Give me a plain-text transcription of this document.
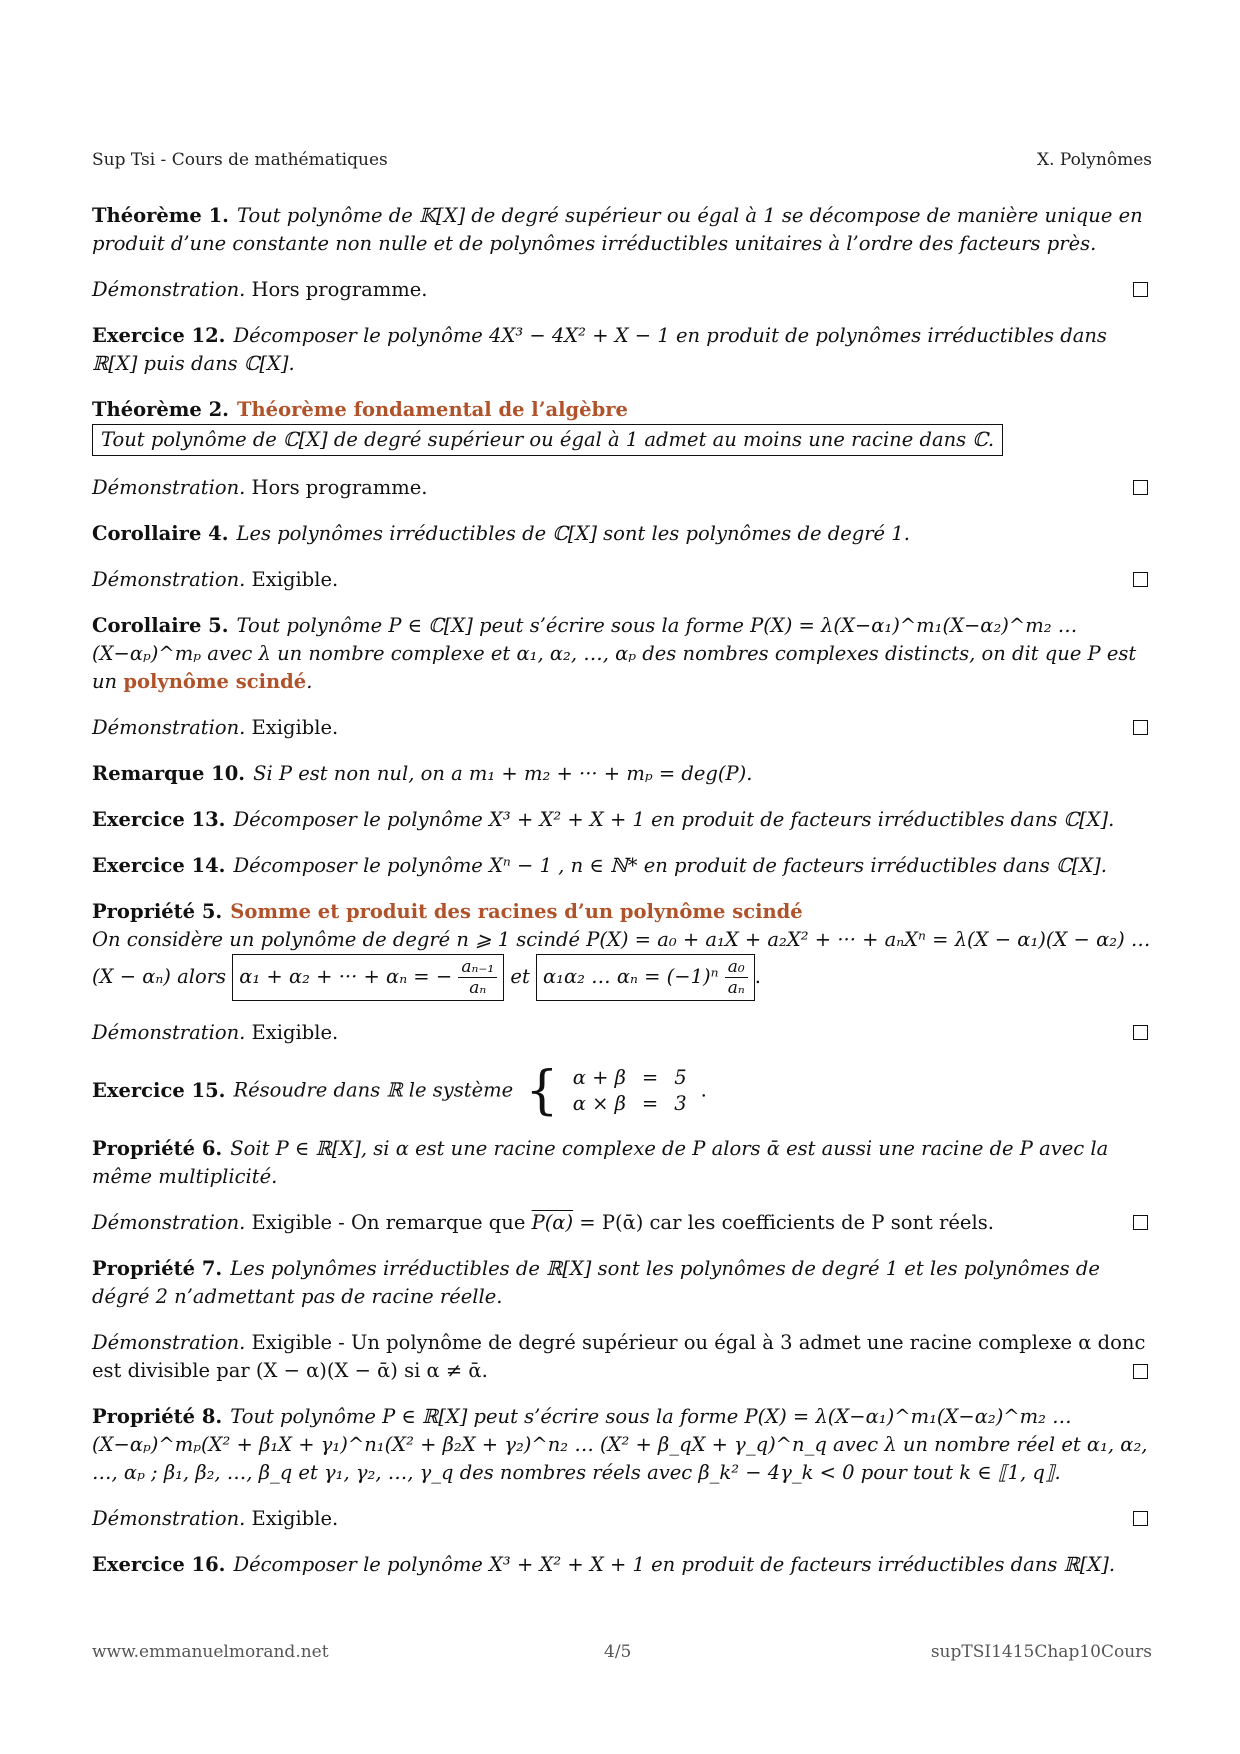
Sup Tsi - Cours de mathématiques	X. Polynômes
Théorème 1. Tout polynôme de 𝕂[X] de degré supérieur ou égal à 1 se décompose de manière unique en produit d’une constante non nulle et de polynômes irréductibles unitaires à l’ordre des facteurs près.
Démonstration. Hors programme.
Exercice 12. Décomposer le polynôme 4X³ − 4X² + X − 1 en produit de polynômes irréductibles dans ℝ[X] puis dans ℂ[X].
Théorème 2. Théorème fondamental de l’algèbre
Tout polynôme de ℂ[X] de degré supérieur ou égal à 1 admet au moins une racine dans ℂ.
Démonstration. Hors programme.
Corollaire 4. Les polynômes irréductibles de ℂ[X] sont les polynômes de degré 1.
Démonstration. Exigible.
Corollaire 5. Tout polynôme P ∈ ℂ[X] peut s’écrire sous la forme P(X) = λ(X−α₁)^m₁(X−α₂)^m₂ … (X−αₚ)^mₚ avec λ un nombre complexe et α₁, α₂, …, αₚ des nombres complexes distincts, on dit que P est un polynôme scindé.
Démonstration. Exigible.
Remarque 10. Si P est non nul, on a m₁ + m₂ + ··· + mₚ = deg(P).
Exercice 13. Décomposer le polynôme X³ + X² + X + 1 en produit de facteurs irréductibles dans ℂ[X].
Exercice 14. Décomposer le polynôme Xⁿ − 1 , n ∈ ℕ* en produit de facteurs irréductibles dans ℂ[X].
Propriété 5. Somme et produit des racines d’un polynôme scindé
On considère un polynôme de degré n ⩾ 1 scindé P(X) = a₀ + a₁X + a₂X² + ··· + aₙXⁿ = λ(X − α₁)(X − α₂) … (X − αₙ) alors α₁ + α₂ + ··· + αₙ = − $\frac{\text{aₙ₋₁}}{\text{aₙ}}$ et α₁α₂ … $\alpha_n = (-1)^n \frac{\text{a₀}}{\text{aₙ}}$ .
Démonstration. Exigible.
Exercice 15. Résoudre dans ℝ le système { α + β	=	5
α × β	=	3.
Propriété 6. Soit P ∈ ℝ[X], si α est une racine complexe de P alors ᾱ est aussi une racine de P avec la même multiplicité.
Démonstration. Exigible - On remarque que P(α) = P(ᾱ) car les coefficients de P sont réels.
Propriété 7. Les polynômes irréductibles de ℝ[X] sont les polynômes de degré 1 et les polynômes de dégré 2 n’admettant pas de racine réelle.
Démonstration. Exigible - Un polynôme de degré supérieur ou égal à 3 admet une racine complexe α donc est divisible par (X − α)(X − ᾱ) si α ≠ ᾱ.
Propriété 8. Tout polynôme P ∈ ℝ[X] peut s’écrire sous la forme P(X) = λ(X−α₁)^m₁(X−α₂)^m₂ … (X−αₚ)^mₚ(X² + β₁X + γ₁)^n₁(X² + β₂X + γ₂)^n₂ … (X² + β_qX + γ_q)^n_q avec λ un nombre réel et α₁, α₂, …, αₚ ; β₁, β₂, …, β_q et γ₁, γ₂, …, γ_q des nombres réels avec β_k² − 4γ_k < 0 pour tout k ∈ ⟦1, q⟧.
Démonstration. Exigible.
Exercice 16. Décomposer le polynôme X³ + X² + X + 1 en produit de facteurs irréductibles dans ℝ[X].
www.emmanuelmorand.net	4/5	supTSI1415Chap10Cours
